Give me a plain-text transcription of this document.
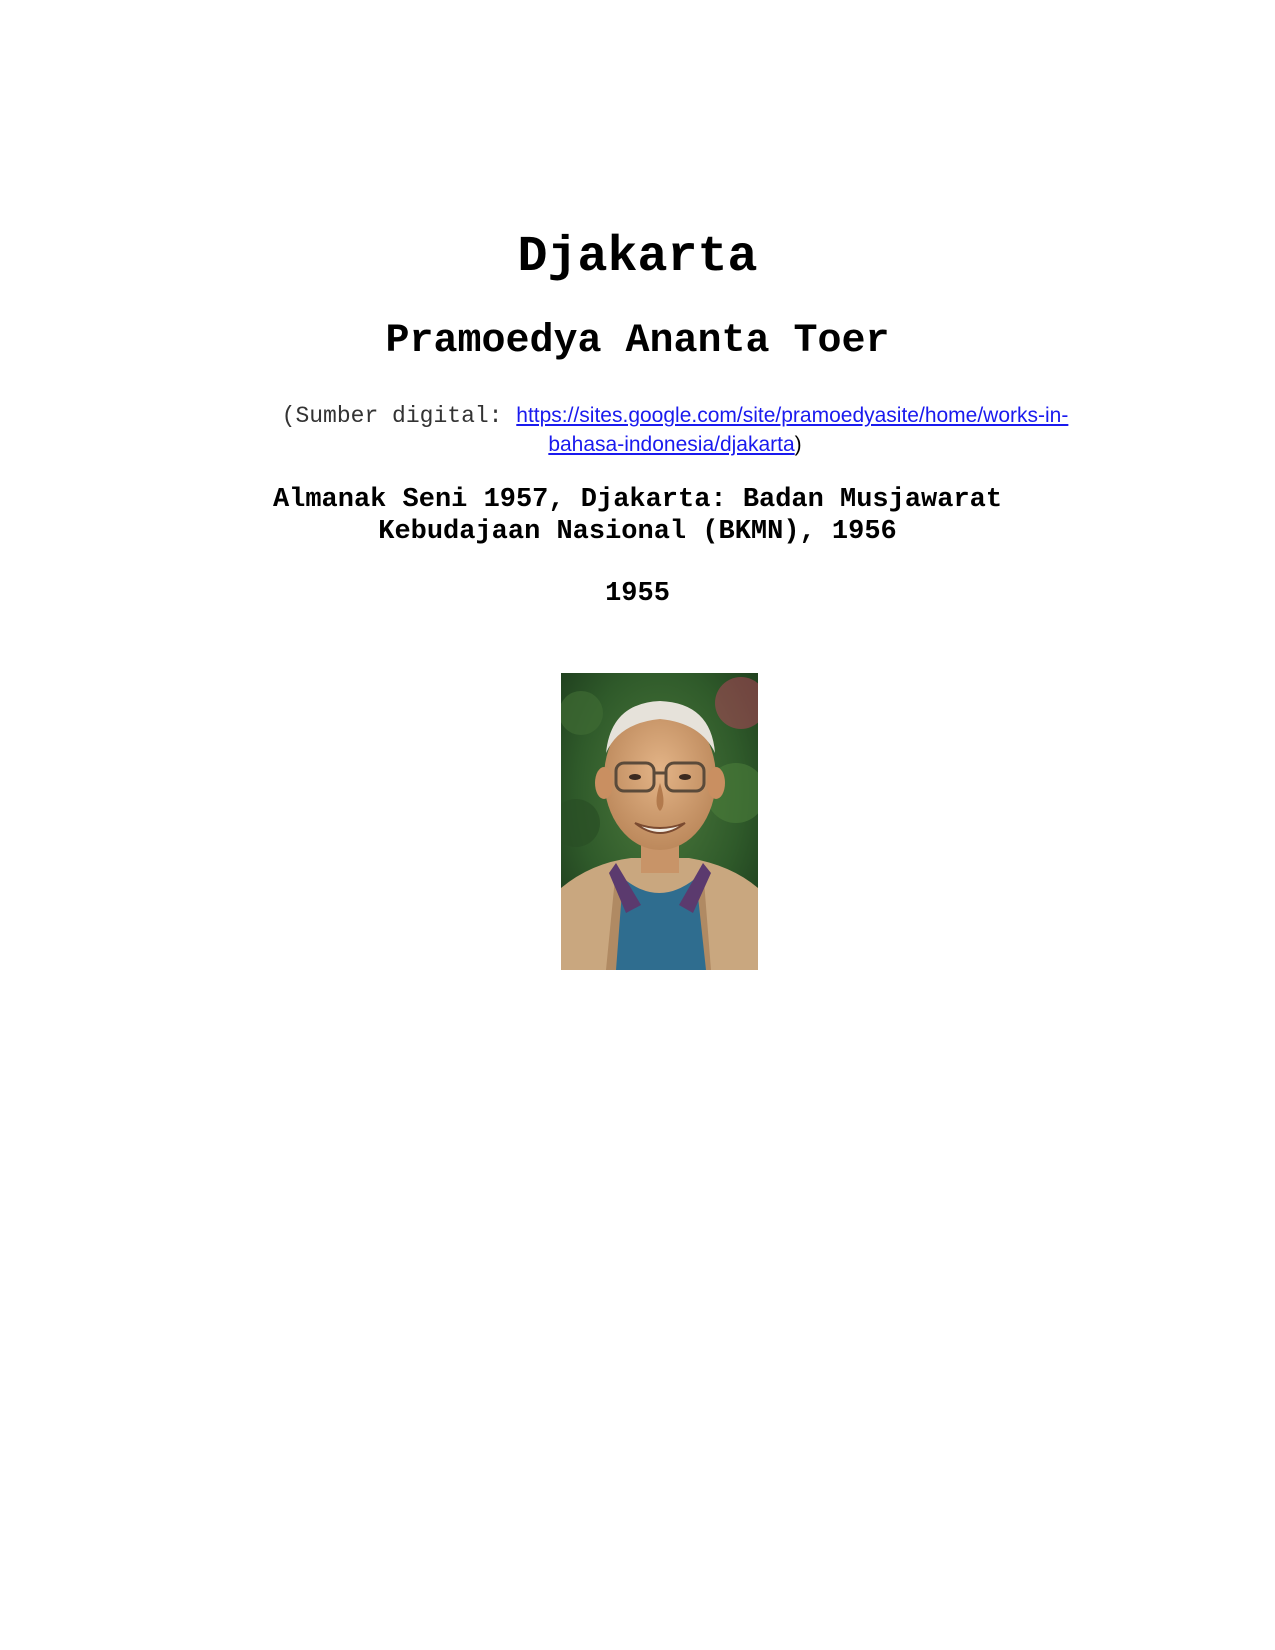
Djakarta
Pramoedya Ananta Toer
(Sumber digital: https://sites.google.com/site/pramoedyasite/home/works-in-bahasa-indonesia/djakarta)
Almanak Seni 1957, Djakarta: Badan Musjawarat Kebudajaan Nasional (BKMN), 1956
1955
